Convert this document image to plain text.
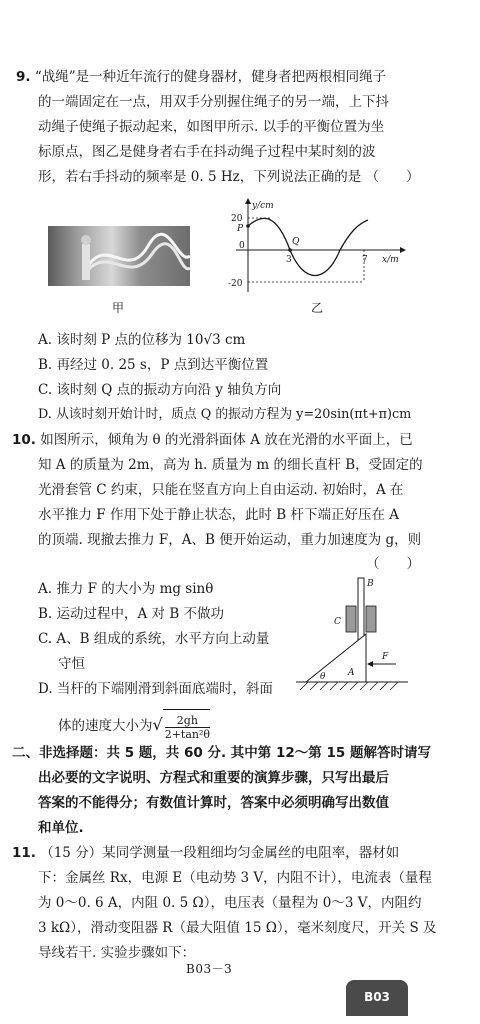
9. “战绳”是一种近年流行的健身器材，健身者把两根相同绳子
的一端固定在一点，用双手分别握住绳子的另一端，上下抖
动绳子使绳子振动起来，如图甲所示. 以手的平衡位置为坐
标原点，图乙是健身者右手在抖动绳子过程中某时刻的波
形，若右手抖动的频率是 0. 5 Hz，下列说法正确的是 （　　）
甲
y/cm
20
P
0
-20
Q
3	7 x/m
乙
A. 该时刻 P 点的位移为 10√3 cm
B. 再经过 0. 25 s，P 点到达平衡位置
C. 该时刻 Q 点的振动方向沿 y 轴负方向
D. 从该时刻开始计时，质点 Q 的振动方程为 y=20sin(πt+π)cm
10. 如图所示，倾角为 θ 的光滑斜面体 A 放在光滑的水平面上，已
知 A 的质量为 2m，高为 h. 质量为 m 的细长直杆 B，受固定的
光滑套管 C 约束，只能在竖直方向上自由运动. 初始时，A 在
水平推力 F 作用下处于静止状态，此时 B 杆下端正好压在 A
的顶端. 现撤去推力 F，A、B 便开始运动，重力加速度为 g，则
（　　）
A. 推力 F 的大小为 mg sinθ
B. 运动过程中，A 对 B 不做功
C. A、B 组成的系统，水平方向上动量
守恒
D. 当杆的下端刚滑到斜面底端时，斜面
体的速度大小为√ $\frac{2gh}{\text{2+tan²θ}}$
B
C
F
A
θ
二、非选择题：共 5 题，共 60 分. 其中第 12～第 15 题解答时请写
出必要的文字说明、方程式和重要的演算步骤，只写出最后
答案的不能得分；有数值计算时，答案中必须明确写出数值
和单位.
11. （15 分）某同学测量一段粗细均匀金属丝的电阻率，器材如
下：金属丝 Rx，电源 E（电动势 3 V，内阻不计），电流表（量程
为 0～0. 6 A，内阻 0. 5 Ω），电压表（量程为 0～3 V，内阻约
3 kΩ），滑动变阻器 R（最大阻值 15 Ω），毫米刻度尺，开关 S 及
导线若干. 实验步骤如下：
B03－3
B03
